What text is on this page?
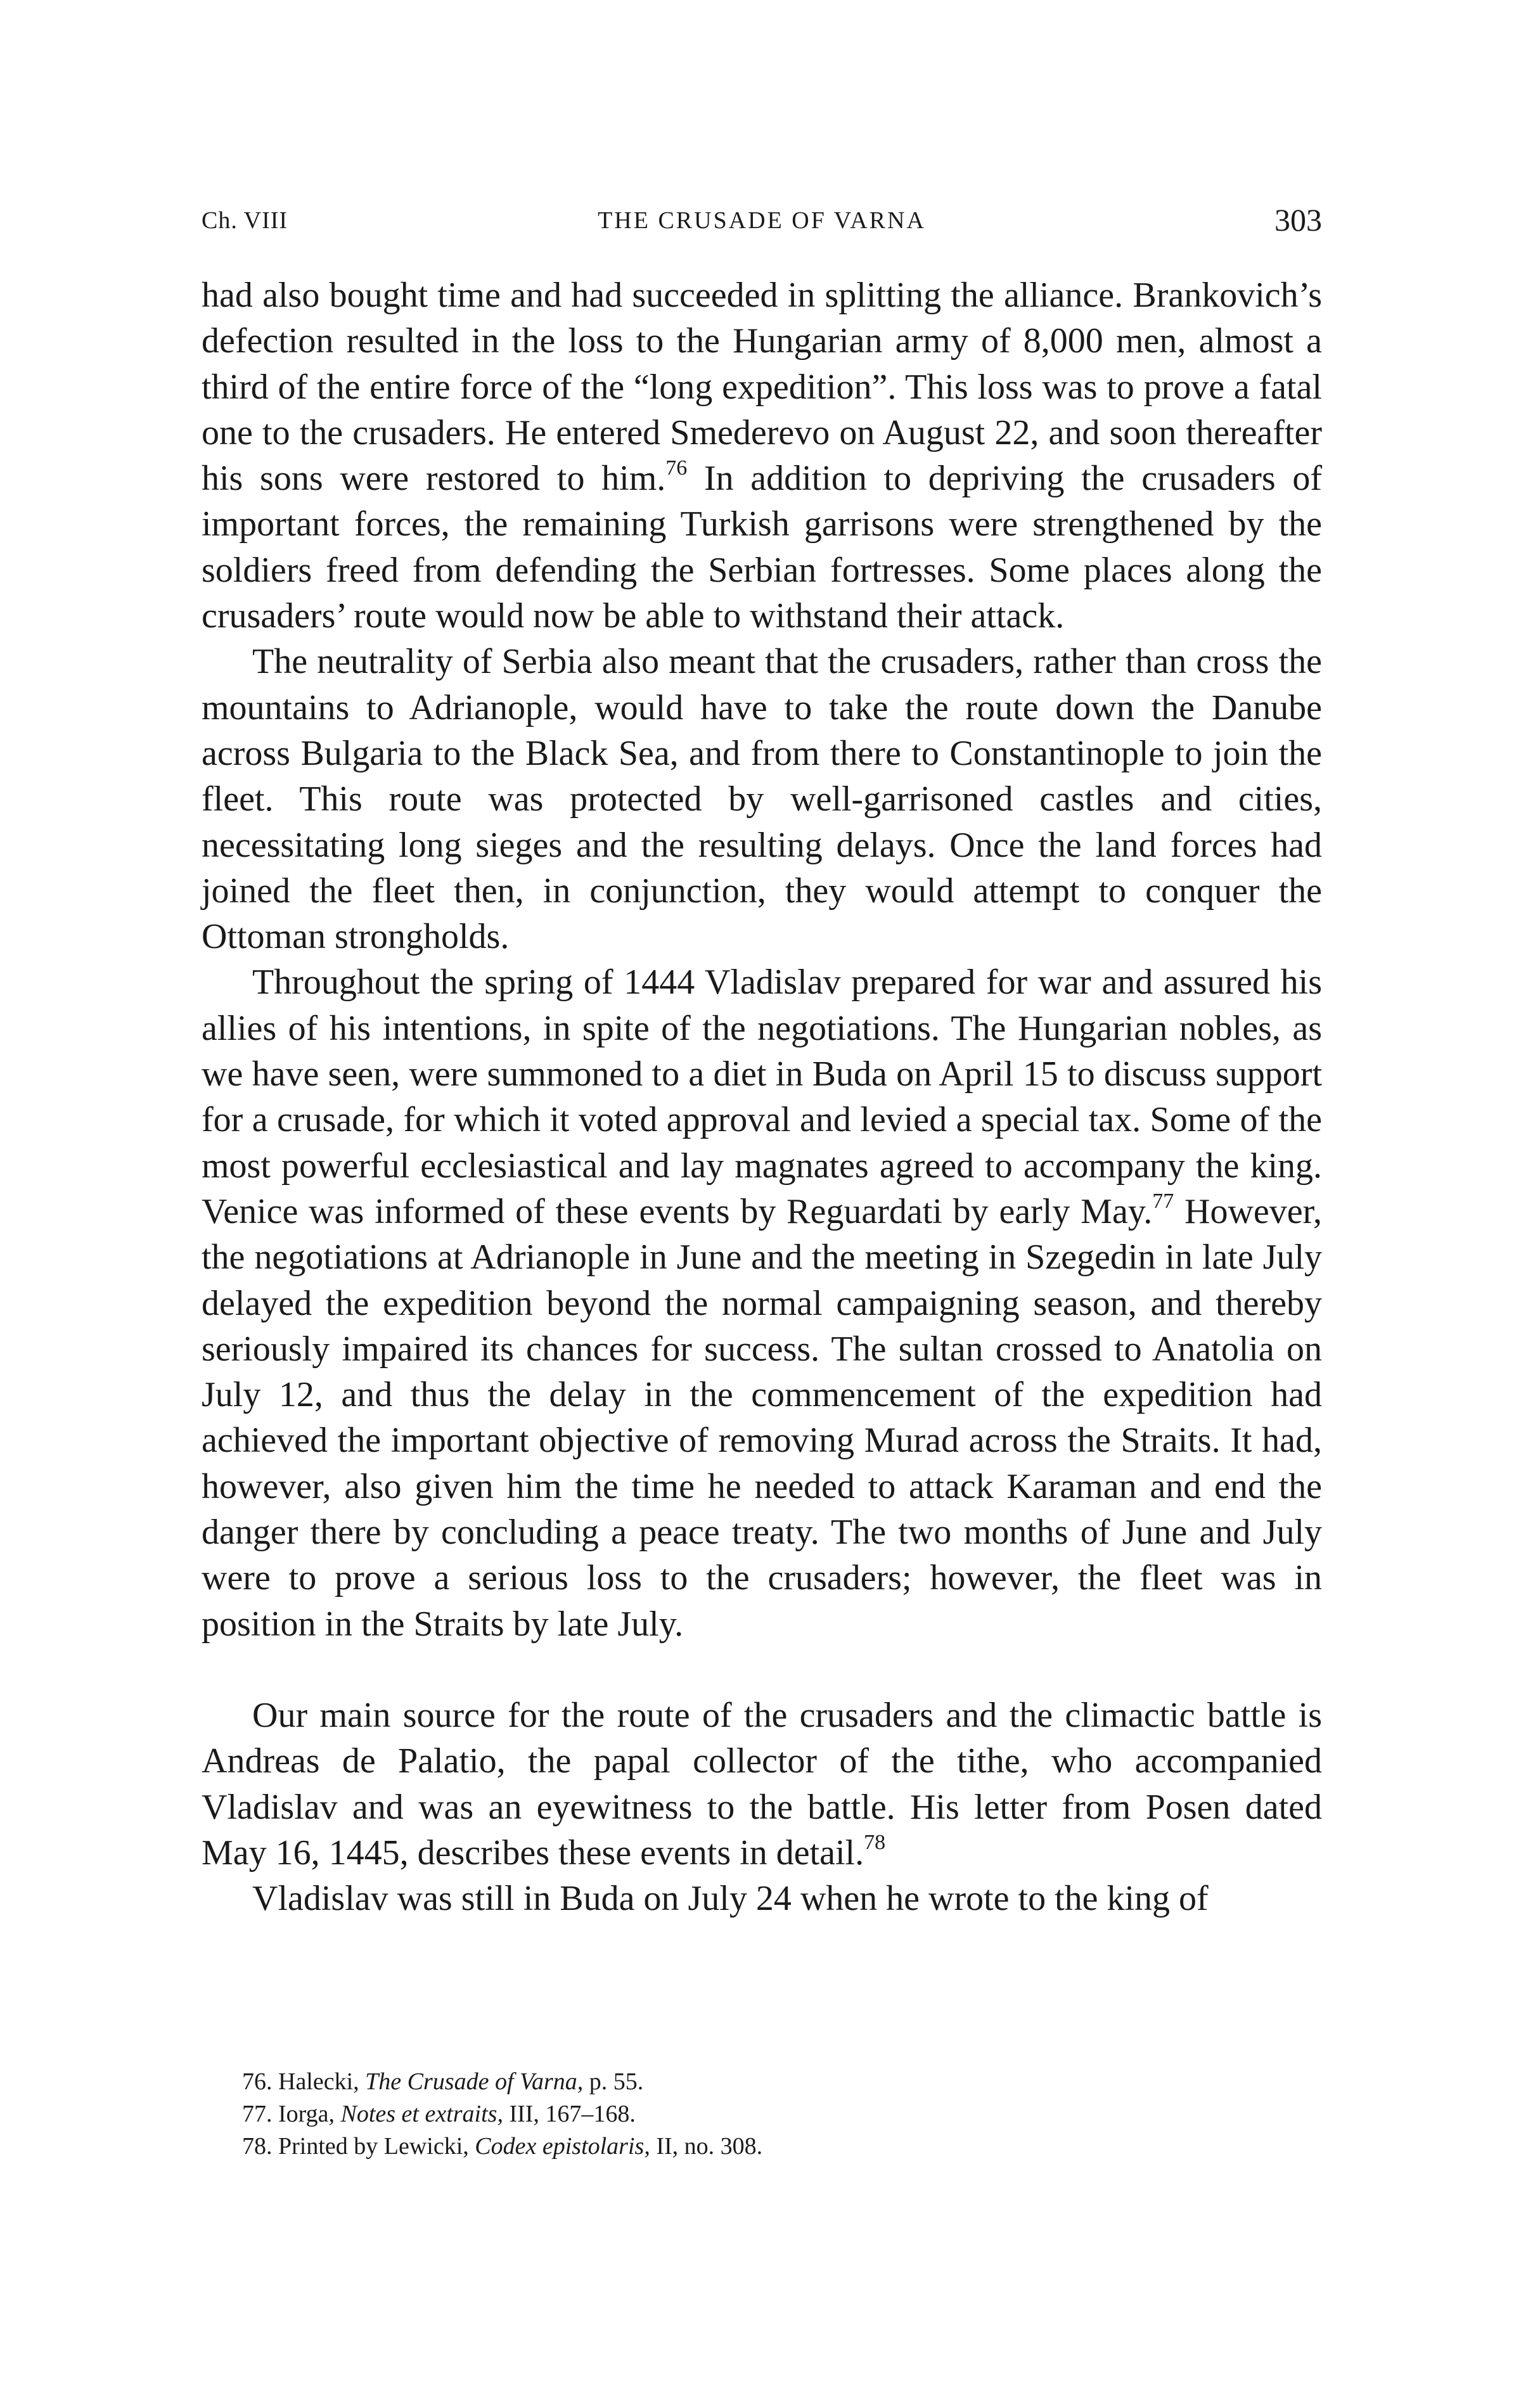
Ch. VIII	THE CRUSADE OF VARNA	303

had also bought time and had succeeded in splitting the alliance. Brankovich’s defection resulted in the loss to the Hungarian army of 8,000 men, almost a third of the entire force of the “long expedition”. This loss was to prove a fatal one to the crusaders. He entered Smederevo on August 22, and soon thereafter his sons were restored to him.$^{76}$ In addition to depriving the crusaders of important forces, the remaining Turkish garrisons were strengthened by the soldiers freed from defending the Serbian fortresses. Some places along the crusaders’ route would now be able to withstand their attack.

The neutrality of Serbia also meant that the crusaders, rather than cross the mountains to Adrianople, would have to take the route down the Danube across Bulgaria to the Black Sea, and from there to Constantinople to join the fleet. This route was protected by well-garrisoned castles and cities, necessitating long sieges and the resulting delays. Once the land forces had joined the fleet then, in conjunction, they would attempt to conquer the Ottoman strongholds.

Throughout the spring of 1444 Vladislav prepared for war and assured his allies of his intentions, in spite of the negotiations. The Hungarian nobles, as we have seen, were summoned to a diet in Buda on April 15 to discuss support for a crusade, for which it voted approval and levied a special tax. Some of the most powerful ecclesiastical and lay magnates agreed to accompany the king. Venice was informed of these events by Reguardati by early May.$^{77}$ However, the negotiations at Adrianople in June and the meeting in Szegedin in late July delayed the expedition beyond the normal campaigning season, and thereby seriously impaired its chances for success. The sultan crossed to Anatolia on July 12, and thus the delay in the commencement of the expedition had achieved the important objective of removing Murad across the Straits. It had, however, also given him the time he needed to attack Karaman and end the danger there by concluding a peace treaty. The two months of June and July were to prove a serious loss to the crusaders; however, the fleet was in position in the Straits by late July.

Our main source for the route of the crusaders and the climactic battle is Andreas de Palatio, the papal collector of the tithe, who accompanied Vladislav and was an eyewitness to the battle. His letter from Posen dated May 16, 1445, describes these events in detail.$^{78}$

Vladislav was still in Buda on July 24 when he wrote to the king of

76. Halecki, The Crusade of Varna, p. 55.

77. Iorga, Notes et extraits, III, 167–168.

78. Printed by Lewicki, Codex epistolaris, II, no. 308.
